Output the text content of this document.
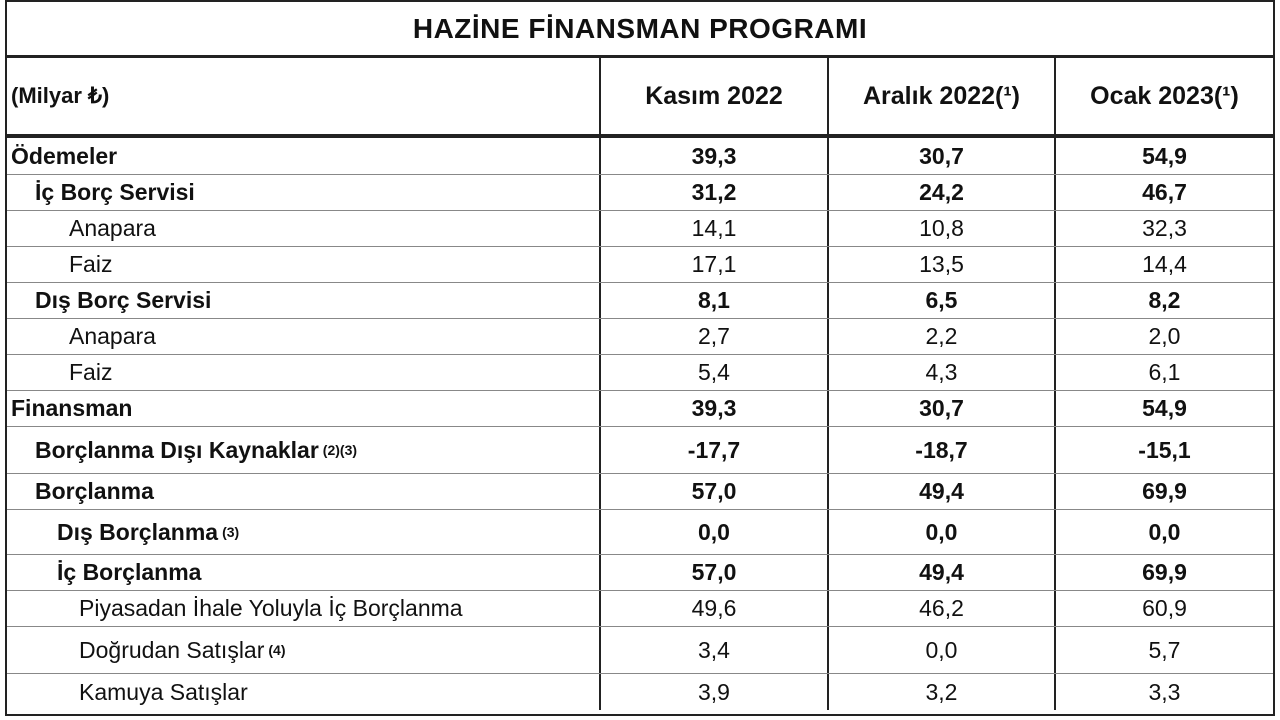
HAZİNE FİNANSMAN PROGRAMI
(Milyar ₺)	Kasım 2022	Aralık 2022(¹)	Ocak 2023(¹)
Ödemeler	39,3	30,7	54,9
İç Borç Servisi	31,2	24,2	46,7
Anapara	14,1	10,8	32,3
Faiz	17,1	13,5	14,4
Dış Borç Servisi	8,1	6,5	8,2
Anapara	2,7	2,2	2,0
Faiz	5,4	4,3	6,1
Finansman	39,3	30,7	54,9
Borçlanma Dışı Kaynaklar (2)(3)	-17,7	-18,7	-15,1
Borçlanma	57,0	49,4	69,9
Dış Borçlanma (3)	0,0	0,0	0,0
İç Borçlanma	57,0	49,4	69,9
Piyasadan İhale Yoluyla İç Borçlanma	49,6	46,2	60,9
Doğrudan Satışlar (4)	3,4	0,0	5,7
Kamuya Satışlar	3,9	3,2	3,3
